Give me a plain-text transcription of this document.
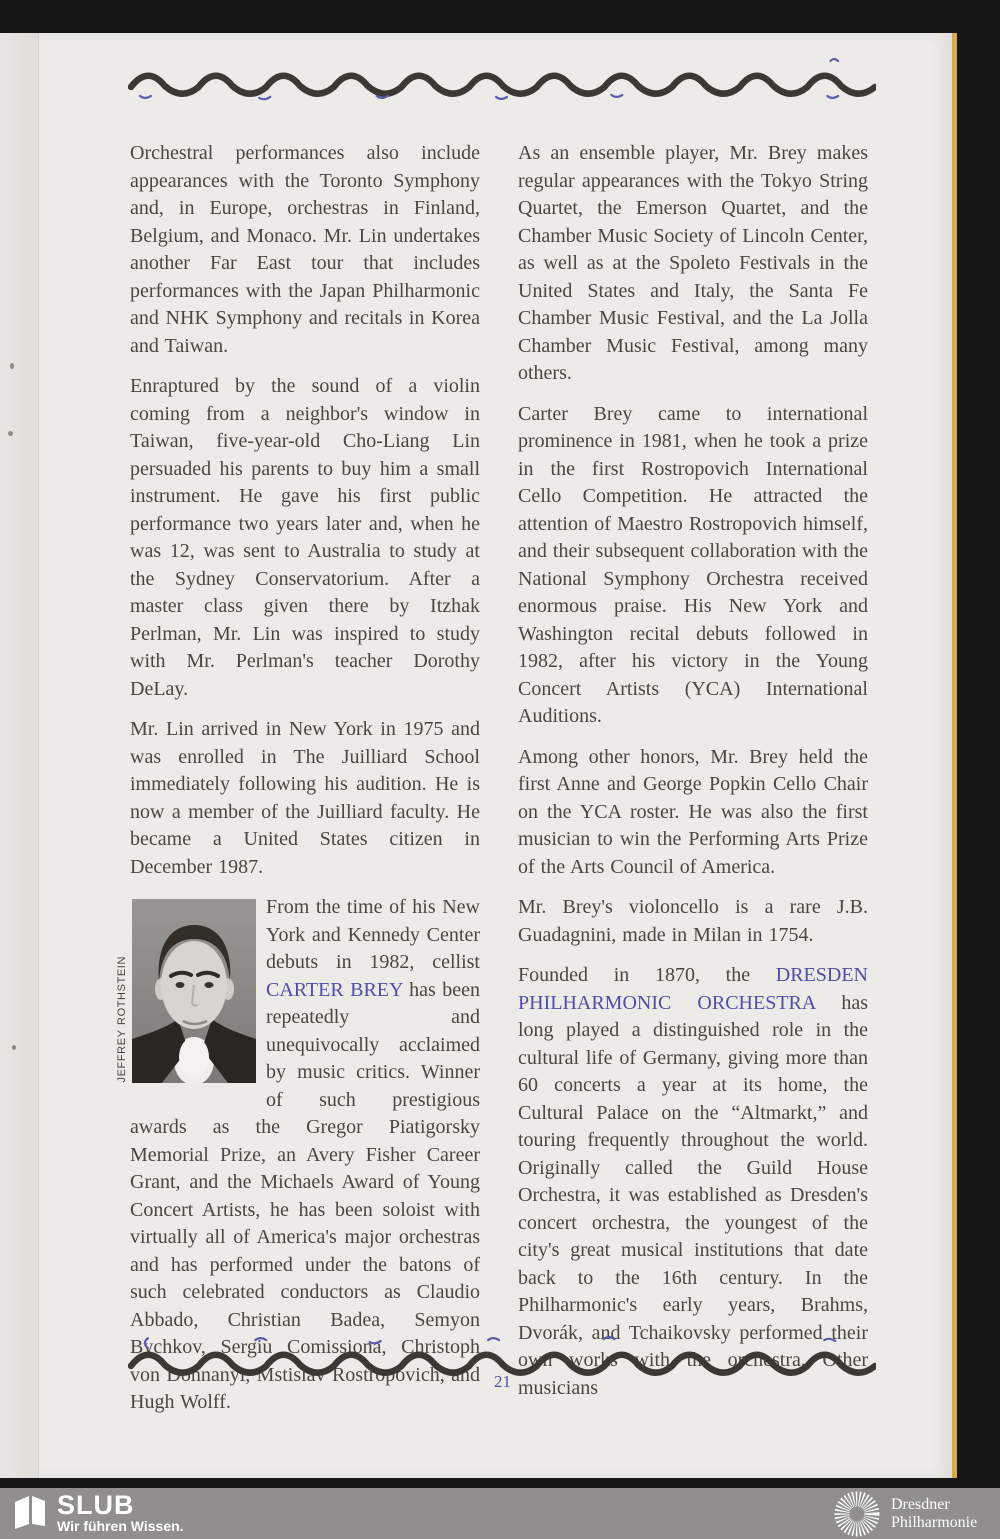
Orchestral performances also include appearances with the Toronto Symphony and, in Europe, orchestras in Finland, Belgium, and Monaco. Mr. Lin undertakes another Far East tour that includes performances with the Japan Philharmonic and NHK Symphony and recitals in Korea and Taiwan.

Enraptured by the sound of a violin coming from a neighbor's window in Taiwan, five-year-old Cho-Liang Lin persuaded his parents to buy him a small instrument. He gave his first public performance two years later and, when he was 12, was sent to Australia to study at the Sydney Conservatorium. After a master class given there by Itzhak Perlman, Mr. Lin was inspired to study with Mr. Perlman's teacher Dorothy DeLay.

Mr. Lin arrived in New York in 1975 and was enrolled in The Juilliard School immediately following his audition. He is now a member of the Juilliard faculty. He became a United States citizen in December 1987.

JEFFREY ROTHSTEIN
From the time of his New York and Kennedy Center debuts in 1982, cellist CARTER BREY has been repeatedly and unequivocally acclaimed by music critics. Winner of such prestigious awards as the Gregor Piatigorsky Memorial Prize, an Avery Fisher Career Grant, and the Michaels Award of Young Concert Artists, he has been soloist with virtually all of America's major orchestras and has performed under the batons of such celebrated conductors as Claudio Abbado, Christian Badea, Semyon Bychkov, Sergiu Comissiona, Christoph von Dohnanyi, Mstislav Rostropovich, and Hugh Wolff.

As an ensemble player, Mr. Brey makes regular appearances with the Tokyo String Quartet, the Emerson Quartet, and the Chamber Music Society of Lincoln Center, as well as at the Spoleto Festivals in the United States and Italy, the Santa Fe Chamber Music Festival, and the La Jolla Chamber Music Festival, among many others.

Carter Brey came to international prominence in 1981, when he took a prize in the first Rostropovich International Cello Competition. He attracted the attention of Maestro Rostropovich himself, and their subsequent collaboration with the National Symphony Orchestra received enormous praise. His New York and Washington recital debuts followed in 1982, after his victory in the Young Concert Artists (YCA) International Auditions.

Among other honors, Mr. Brey held the first Anne and George Popkin Cello Chair on the YCA roster. He was also the first musician to win the Performing Arts Prize of the Arts Council of America.

Mr. Brey's violoncello is a rare J.B. Guadagnini, made in Milan in 1754.

Founded in 1870, the DRESDEN PHILHARMONIC ORCHESTRA has long played a distinguished role in the cultural life of Germany, giving more than 60 concerts a year at its home, the Cultural Palace on the “Altmarkt,” and touring frequently throughout the world. Originally called the Guild House Orchestra, it was established as Dresden's concert orchestra, the youngest of the city's great musical institutions that date back to the 16th century. In the Philharmonic's early years, Brahms, Dvorák, and Tchaikovsky performed their own works with the orchestra. Other musicians

21
SLUB
Wir führen Wissen.
Dresdner
Philharmonie
